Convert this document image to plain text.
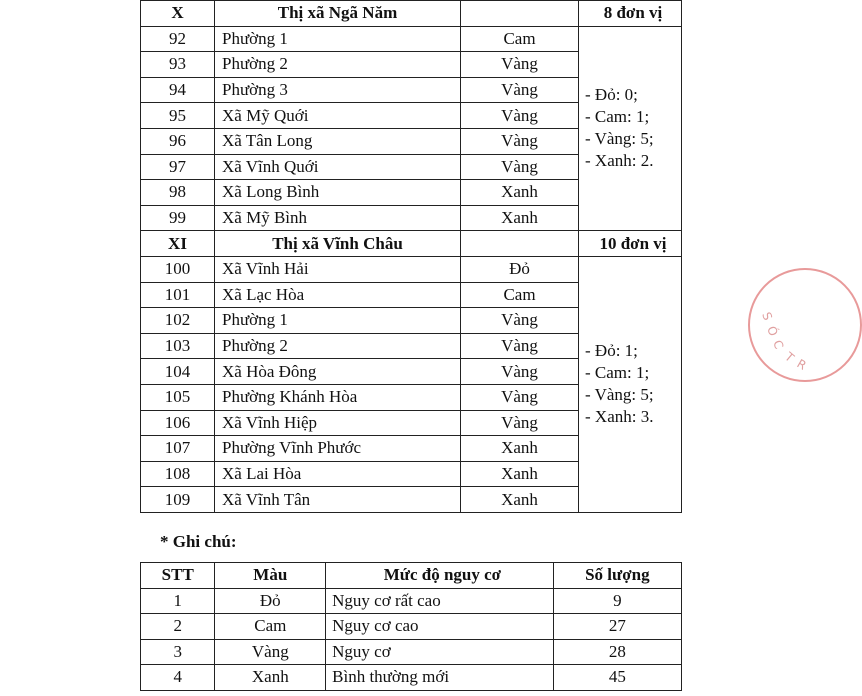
X	Thị xã Ngã Năm		8 đơn vị
92	Phường 1	Cam	- Đỏ: 0;
- Cam: 1;
- Vàng: 5;
- Xanh: 2.

93	Phường 2	Vàng	
94	Phường 3	Vàng	
95	Xã Mỹ Quới	Vàng	
96	Xã Tân Long	Vàng	
97	Xã Vĩnh Quới	Vàng	
98	Xã Long Bình	Xanh	
99	Xã Mỹ Bình	Xanh	
XI	Thị xã Vĩnh Châu		10 đơn vị
100	Xã Vĩnh Hải	Đỏ	- Đỏ: 1;
- Cam: 1;
- Vàng: 5;
- Xanh: 3.

101	Xã Lạc Hòa	Cam	
102	Phường 1	Vàng	
103	Phường 2	Vàng	
104	Xã Hòa Đông	Vàng	
105	Phường Khánh Hòa	Vàng	
106	Xã Vĩnh Hiệp	Vàng	
107	Phường Vĩnh Phước	Xanh	
108	Xã Lai Hòa	Xanh	
109	Xã Vĩnh Tân	Xanh	
* Ghi chú:
STT	Màu	Mức độ nguy cơ	Số lượng
1	Đỏ	Nguy cơ rất cao	9
2	Cam	Nguy cơ cao	27
3	Vàng	Nguy cơ	28
4	Xanh	Bình thường mới	45
S
Ó
C
T
R
